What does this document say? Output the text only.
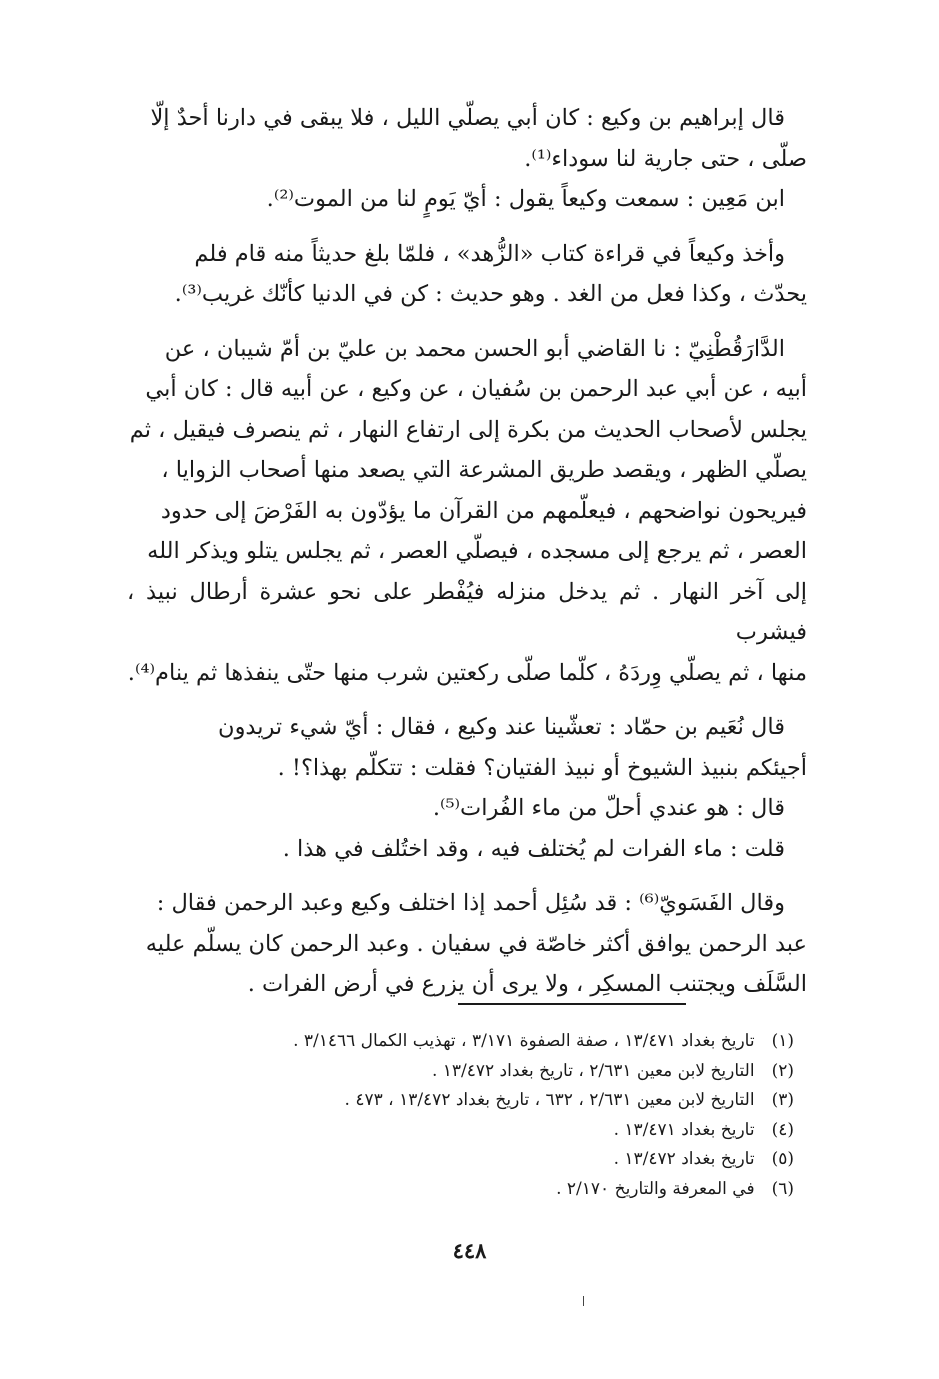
قال إبراهيم بن وكيع : كان أبي يصلّي الليل ، فلا يبقى في دارنا أحدٌ إلّا
صلّى ، حتى جارية لنا سوداء⁽¹⁾.

ابن مَعِين : سمعت وكيعاً يقول : أيّ يَومٍ لنا من الموت⁽²⁾.

وأخذ وكيعاً في قراءة كتاب «الزُّهد» ، فلمّا بلغ حديثاً منه قام فلم
يحدّث ، وكذا فعل من الغد . وهو حديث : كن في الدنيا كأنّك غريب⁽³⁾.

الدَّارَقُطْنِيّ : نا القاضي أبو الحسن محمد بن عليّ بن أمّ شيبان ، عن
أبيه ، عن أبي عبد الرحمن بن سُفيان ، عن وكيع ، عن أبيه قال : كان أبي
يجلس لأصحاب الحديث من بكرة إلى ارتفاع النهار ، ثم ينصرف فيقيل ، ثم
يصلّي الظهر ، ويقصد طريق المشرعة التي يصعد منها أصحاب الزوايا ،
فيريحون نواضحهم ، فيعلّمهم من القرآن ما يؤدّون به الفَرْضَ إلى حدود
العصر ، ثم يرجع إلى مسجده ، فيصلّي العصر ، ثم يجلس يتلو ويذكر الله
إلى آخر النهار . ثم يدخل منزله فيُفْطر على نحو عشرة أرطال نبيذ ، فيشرب
منها ، ثم يصلّي وِردَهُ ، كلّما صلّى ركعتين شرب منها حتّى ينفذها ثم ينام⁽⁴⁾.

قال نُعَيم بن حمّاد : تعشّينا عند وكيع ، فقال : أيّ شيء تريدون
أجيئكم بنبيذ الشيوخ أو نبيذ الفتيان؟ فقلت : تتكلّم بهذا؟! .

قال : هو عندي أحلّ من ماء الفُرات⁽⁵⁾.

قلت : ماء الفرات لم يُختلف فيه ، وقد اختُلف في هذا .

وقال الفَسَويّ⁽⁶⁾ : قد سُئِل أحمد إذا اختلف وكيع وعبد الرحمن فقال :
عبد الرحمن يوافق أكثر خاصّة في سفيان . وعبد الرحمن كان يسلّم عليه
السَّلَف ويجتنب المسكِر ، ولا يرى أن يزرع في أرض الفرات .

(١) تاريخ بغداد ١٣/٤٧١ ، صفة الصفوة ٣/١٧١ ، تهذيب الكمال ٣/١٤٦٦ .
(٢) التاريخ لابن معين ٢/٦٣١ ، تاريخ بغداد ١٣/٤٧٢ .
(٣) التاريخ لابن معين ٢/٦٣١ ، ٦٣٢ ، تاريخ بغداد ١٣/٤٧٢ ، ٤٧٣ .
(٤) تاريخ بغداد ١٣/٤٧١ .
(٥) تاريخ بغداد ١٣/٤٧٢ .
(٦) في المعرفة والتاريخ ٢/١٧٠ .
٤٤٨
